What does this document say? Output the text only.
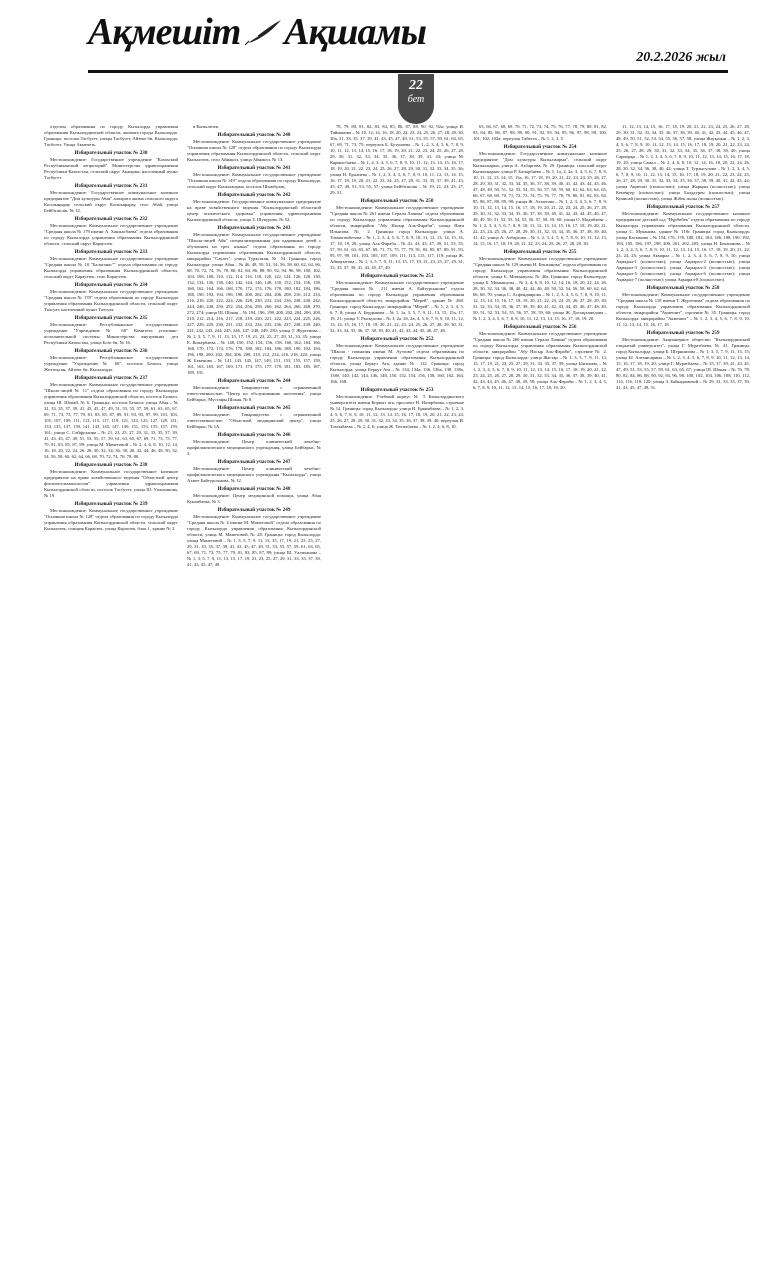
Ақмешіт Ақшамы
20.2.2026 жыл
22
бет

отделом образования по городу Кызылорда управления образования Кызылординской области, акимата города Кызылорда. Границы: поселок Тасбугет, улицы Тасбугет, Айтеке би, Кызылорда, Тасбогет. Улица Акмечеть.

Избирательный участок № 230

Местонахождение: Государственное учреждение "Казахский Республиканский лепрозорий" Министерства здравоохранения Республики Казахстан, сельский округ Акжарма, населенный пункт Тасбугет.

Избирательный участок № 231

Местонахождение: Государственное коммунальное казенное предприятие "Дом культуры Абая" аппарата акима сельского округа Косшыңырау, сельский округ Косшыңырау, село Абай, улица Бейбітшілік, № 12.

Избирательный участок № 232

Местонахождение: Коммунальное государственное учреждение "Средняя школа № 179 имени А. Ханжасбаева" отдела образования по городу Кызылорда управления образования Кызылординской области, сельский округ Карауэзек.

Избирательный участок № 233

Местонахождение: Коммунальное государственное учреждение "Средняя школа № 10 "Балаганас"" отдела образования по городу Кызылорда управления образования Кызылординской области, сельский округ Карауэзек, село Карауэзек.

Избирательный участок № 234

Местонахождение: Коммунальное государственное учреждение "Средняя школа № 178" отдела образования по городу Кызылорда управления образования Кызылординской области, сельский округ Талсуат, населенный пункт Талсуат.

Избирательный участок № 235

Местонахождение: Республиканское государственное учреждение "Учреждение № 68" Комитета уголовно-исполнительной системы Министерства внутренних дел Республики Казахстан, улица Бозе би, № 16.

Избирательный участок № 236

Местонахождение: Республиканское государственное учреждение "Учреждение № 68", поселок Белкөл, улица Желтоқсан, Айтеке би, Кызылорда.

Избирательный участок № 237

Местонахождение: Коммунальное государственное учреждение "Школа-лицей № 11" отдела образования по городу Кызылорда управления образования Кызылординской области, поселок Белкөл, улица Ш. Шокай, № 6. Границы: поселок Белкөл: улица Абая – № 31, 33, 35, 37, 39, 41, 43, 45, 47, 49, 51, 53, 55, 57, 59, 61, 63, 65, 67, 69, 71, 73, 75, 77, 79, 81, 83, 85, 87, 89, 91, 93, 95, 97, 99, 101, 103, 105, 107, 109, 111, 113, 115, 117, 119, 121, 123, 125, 127, 129, 131, 133, 135, 137, 139, 141, 143, 145, 147, 149, 151, 153, 155, 157, 159, 161; улица С. Сейфуллина – № 21, 23, 25, 27, 29, 31, 33, 35, 37, 39, 41, 43, 45, 47, 49, 51, 53, 55, 57, 59, 61, 63, 65, 67, 69, 71, 73, 75, 77, 79, 81, 83, 85, 87, 89; улица М. Маметовой – № 2, 4, 6, 8, 10, 12, 14, 16, 18, 20, 22, 24, 26, 28, 30, 32, 34, 36, 38, 40, 42, 44, 46, 48, 50, 52, 54, 56, 58, 60, 62, 64, 66, 68, 70, 72, 74, 76, 78, 80.

Избирательный участок № 238

Местонахождение: Коммунальное государственное казенное предприятие на праве хозяйственного ведения "Областной центр фтизиопульмонологии" управления здравоохранения Кызылординской области, поселок Тасбугет, улица Ш. Уалиханова, № 19.

Избирательный участок № 239

Местонахождение: Коммунальное государственное учреждение "Основная школа № 128" отдела образования по городу Кызылорда управления образования Кызылординской области, сельский округ Кызылөзек, станция Караозек, улица Караозек, блок 1, здание № 2.

в Кызылөзек.

Избирательный участок № 240

Местонахождение: Коммунальное государственное учреждение "Основная школа № 128" отдела образования по городу Кызылорда управления образования Кызылординской области, сельский округ Кызылөзек, село Айнакөл, улица Айнакөл, № 13.

Избирательный участок № 241

Местонахождение: Коммунальное государственное учреждение "Основная школа № 149" отдела образования по городу Кызылорда, сельский округ Кызылжарма, поселок Шымбулақ.

Избирательный участок № 242

Местонахождение: Государственное коммунальное предприятие на праве хозяйственного ведения "Кызылординский областной центр психического здоровья" управления здравоохранения Кызылординской области, улица З. Шукурова, № 52.

Избирательный участок № 243

Местонахождение: Коммунальное государственное учреждение "Школа-лицей Айя" специализированная для одаренных детей с обучением на трех языках" отдела образования по городу Кызылорда управления образования Кызылординской области, микрорайон "Саулет", улица Турксатан, № 54. Границы: город Кызылорда: улица Абая – № 46, 48, 50, 52, 54, 56, 58, 60, 62, 64, 66, 68, 70, 72, 74, 76, 78, 80, 82, 84, 86, 88, 90, 92, 94, 96, 98, 100, 102, 104, 106, 108, 110, 112, 114, 116, 118, 120, 122, 124, 126, 128, 130, 132, 134, 136, 138, 140, 142, 144, 146, 148, 150, 152, 154, 156, 158, 160, 162, 164, 166, 168, 170, 172, 174, 176, 178, 180, 182, 184, 186, 188, 190, 192, 194, 196, 198, 200, 202, 204, 206, 208, 210, 212, 214, 216, 218, 220, 222, 224, 226, 228, 230, 232, 234, 236, 238, 240, 242, 244, 246, 248, 250, 252, 254, 256, 258, 260, 262, 264, 266, 268, 270, 272, 274; улица Ш. Шокая – № 194, 196, 198, 200, 202, 204, 206, 208, 210, 212, 214, 216, 217, 218, 219, 220, 221, 222, 223, 224, 225, 226, 227, 228, 229, 230, 231, 232, 233, 234, 235, 236, 237, 238, 239, 240, 241, 242, 243, 244, 245, 246, 247, 248, 249, 250; улица Т. Жургенова – № 1, 3, 5, 7, 9, 11, 13, 15, 17, 19, 21, 23, 25, 27, 29, 31, 33, 35; улица Е. Кожербаева – № 148, 150, 152, 154, 156, 158, 160, 162, 164, 166, 168, 170, 172, 174, 176, 178, 180, 182, 184, 186, 188, 190, 192, 194, 196, 198, 200, 202, 204, 206, 208, 210, 212, 214, 216, 218, 220; улица Ж. Бекенова – № 141, 143, 145, 147, 149, 151, 153, 155, 157, 159, 161, 163, 165, 167, 169, 171, 173, 175, 177, 179, 181, 183, 185, 187, 189, 191.

Избирательный участок № 244

Местонахождение: Товарищество с ограниченной ответственностью "Центр по обслуживанию населения", улица Бейбарыс, Мустафы Шокая, № 8.

Избирательный участок № 245

Местонахождение: Товарищество с ограниченной ответственностью "Областной медицинский центр", улица Бейбарыс, № 1А.

Избирательный участок № 246

Местонахождение: Центр клинический лечебно-профилактического медицинского учреждения, улица Бейбарыс, № 3.

Избирательный участок № 247

Местонахождение: Центр клинический лечебно-профилактического медицинского учреждения "Кызылорда", улица Ахмет Байтурсынова, № 12.

Избирательный участок № 248

Местонахождение: Центр медицинской помощи, улица Абая Кунанбаева, № 3.

Избирательный участок № 249

Местонахождение: Коммунальное государственное учреждение "Средняя школа № 4 имени М. Маметовой" отдела образования по городу Кызылорда управления образования Кызылординской области, улица М. Маметовой, № 28. Границы: город Кызылорда: улица Маметовой – № 1, 3, 5, 7, 9, 11, 13, 15, 17, 19, 21, 23, 25, 27, 29, 31, 33, 35, 37, 39, 41, 43, 45, 47, 49, 51, 53, 55, 57, 59, 61, 63, 65, 67, 69, 71, 73, 75, 77, 79, 81, 83, 85, 87, 89; улица Ш. Уалиханова – № 1, 3, 5, 7, 9, 11, 13, 15, 17, 19, 21, 23, 25, 27, 29, 31, 33, 35, 37, 39, 41, 43, 45, 47, 49.

78, 79, 80, 81, 82, 83, 84, 85, 86, 87, 88, 90, 92, 92а; улица И. Тайманова – № 10, 12, 14, 16, 18, 20, 22, 23, 24, 25, 26, 27, 28, 29, 30, 30а, 31, 33, 35, 37, 39, 41, 43, 45, 47, 49, 51, 53, 55, 57, 59, 61, 63, 65, 67, 69, 71, 73, 75; переулок Б. Бутунаева – № 1, 2, 3, 4, 5, 6, 7, 8, 9, 10, 11, 12, 13, 14, 15, 16, 17, 18, 19, 20, 21, 22, 23, 24, 25, 26, 27, 28, 29, 30, 31, 32, 33, 34, 35, 36, 37, 38, 39, 41, 43; улица М. Кармысбаева – № 1, 2, 3, 4, 5, 6, 7, 8, 9, 10, 11, 12, 13, 14, 15, 16, 17, 18, 19, 20, 21, 22, 23, 24, 25, 26, 27, 28, 29, 30, 31, 32, 33, 34, 35, 36; улица Н. Ералиева – № 1, 2, 3, 4, 5, 6, 7, 8, 9, 10, 11, 12, 13, 14, 15, 16, 17, 18, 19, 20, 21, 22, 23, 24, 25, 27, 29, 31, 33, 35, 37, 39, 41, 43, 45, 47, 49, 51, 53, 55, 57; улица Бейбітшілік – № 19, 21, 23, 25, 27, 29, 31.

Избирательный участок № 250

Местонахождение: Коммунальное государственное учреждение "Средняя школа № 261 имени Серали Лапина" отдела образования по городу Кызылорда управления образования Кызылординской области, микрорайон "Абу Насыр Аль-Фараби", улица Нағи Ильясова, № 2. Границы: город Кызылорда: улица А. Токмагамбетова – № 1, 2, 3, 4, 5, 6, 7, 8, 9, 10, 11, 12, 13, 14, 15, 16, 17, 18, 19, 20; улица Аль-Фараби – № 41, 43, 45, 47, 49, 51, 53, 55, 57, 59, 61, 63, 65, 67, 69, 71, 73, 75, 77, 79, 81, 83, 85, 87, 89, 91, 93, 95, 97, 99, 101, 103, 105, 107, 109, 111, 113, 115, 117, 119; улица Ж. Аймауытова – № 1, 3, 5, 7, 9, 11, 13, 15, 17, 19, 21, 23, 25, 27, 29, 31, 33, 35, 37, 39, 41, 43, 45, 47, 49.

Избирательный участок № 251

Местонахождение: Коммунальное государственное учреждение "Средняя школа № 211 имени А. Байтурсынова" отдела образования по городу Кызылорда управления образования Кызылординской области, микрорайон "Мерей", здание № 268. Границы: город Кызылорда: микрорайон "Мерей" – № 1, 2, 3, 4, 5, 6, 7, 8; улица А. Бердыкова – № 1, 1а, 3, 5, 7, 9, 11, 13, 15, 15а, 17, 19, 21; улица Т. Рыскулова – № 1, 2а, 2б, 2в, 4, 5, 6, 7, 8, 9, 10, 11, 12, 13, 14, 15, 16, 17, 18, 19, 20, 21, 22, 23, 24, 25, 26, 27, 28, 29, 30, 31, 32, 33, 34, 35, 36, 37, 38, 39, 40, 41, 42, 43, 44, 45, 46, 47, 48.

Избирательный участок № 252

Местонахождение: Коммунальное государственное учреждение "Школа - гимназия имени М. Ауэзова" отдела образования по городу Кызылорда управления образования Кызылординской области, улица Беркут Ата, здание № 112. Границы: город Кызылорда: улица Беркут Ата – № 134, 134а, 136, 136а, 138, 138а, 138б, 140, 142, 144, 146, 148, 150, 152, 154, 156, 158, 160, 162, 164, 166, 168.

Избирательный участок № 253

Местонахождение: Учебный корпус № 5 Кызылординского университета имени Коркыт ата, проспект Н. Назарбаева, строение № 14. Границы: город Кызылорда: улица И. Еркинбаева – № 1, 2, 3, 4, 5, 6, 7, 8, 9, 10, 11, 12, 13, 14, 15, 16, 17, 18, 19, 20, 21, 22, 23, 24, 25, 26, 27, 28, 29, 30, 31, 32, 33, 34, 35, 36, 37, 38, 39, 40; переулок И. Тохтыбаева – № 2, 4, 6; улица Ж. Тохтыбаева – № 1, 2, 4, 6, 8, 10.

63, 66, 67, 68, 69, 70, 71, 72, 73, 74, 75, 76, 77, 78, 79, 80, 81, 82, 83, 84, 85, 86, 87, 88, 89, 90, 91, 92, 93, 94, 95, 96, 97, 98, 99, 100, 101, 102, 102а; переулок Тайгета – № 1, 2, 3, 5.

Избирательный участок № 254

Местонахождение: Государственное коммунальное казенное предприятие "Дом культуры Кызылжарма", сельский округ Кызылжарма, улица А. Азбаргова, № 29. Границы: сельский округ Кызылжарма: улица Р. Батырбаева – № 1, 1а, 2, 2а, 3, 4, 5, 6, 7, 8, 9, 10, 11, 12, 13, 14, 15, 15а, 16, 17, 18, 19, 20, 21, 22, 23, 24, 25, 26, 27, 28, 29, 30, 31, 32, 33, 34, 35, 36, 37, 38, 39, 40, 41, 42, 43, 44, 45, 46, 47, 48, 49, 50, 51, 52, 53, 54, 55, 56, 57, 58, 59, 60, 61, 62, 63, 64, 65, 66, 67, 68, 69, 70, 71, 72, 73, 74, 75, 76, 77, 78, 79, 80, 81, 82, 83, 84, 85, 86, 87, 88, 89, 90; улица Ж. Ахметова – № 1, 2, 3, 4, 5, 6, 7, 8, 9, 10, 11, 12, 13, 14, 15, 16, 17, 18, 19, 20, 21, 22, 23, 24, 25, 26, 27, 28, 29, 30, 31, 32, 33, 34, 35, 36, 37, 38, 39, 40, 41, 42, 43, 44, 45, 46, 47, 48, 49, 50, 51, 52, 53, 54, 55, 56, 57, 58, 59, 60; улица О. Мадибаева – № 1, 2, 3, 4, 5, 6, 7, 8, 9, 10, 11, 12, 13, 14, 15, 16, 17, 18, 19, 20, 21, 22, 23, 24, 25, 26, 27, 28, 29, 30, 31, 32, 33, 34, 35, 36, 37, 38, 39, 40, 41, 42; улица А. Азбаргова – № 1, 2, 3, 4, 5, 6, 7, 8, 9, 10, 11, 12, 13, 14, 15, 16, 17, 18, 19, 20, 21, 22, 23, 24, 25, 26, 27, 28, 29, 30.

Избирательный участок № 255

Местонахождение: Коммунальное государственное учреждение "Средняя школа № 129 имени Н. Бекжанова" отдела образования по городу Кызылорда управления образования Кызылординской области, улица Б. Момышулы, № 46а. Границы: город Кызылорда: улица Б. Момышулы – № 2, 4, 6, 8, 10, 12, 14, 16, 18, 20, 22, 24, 26, 28, 30, 32, 34, 36, 38, 40, 42, 44, 46, 48, 50, 52, 54, 56, 58, 60, 62, 64, 66, 68, 70; улица С. Асфендиярова – № 1, 2, 3, 4, 5, 6, 7, 8, 9, 10, 11, 12, 13, 14, 15, 16, 17, 18, 19, 20, 21, 22, 23, 24, 25, 26, 27, 28, 29, 30, 31, 32, 33, 34, 35, 36, 37, 38, 39, 40, 41, 42, 43, 44, 45, 46, 47, 48, 49, 50, 51, 52, 53, 54, 55, 56, 57, 58, 59, 60; улица Ж. Досмұхамедова – № 1, 2, 3, 4, 5, 6, 7, 8, 9, 10, 11, 12, 13, 14, 15, 16, 17, 18, 19, 20.

Избирательный участок № 256

Местонахождение: Коммунальное государственное учреждение "Средняя школа № 260 имени Серали Лапина" отдела образования по городу Кызылорда управления образования Кызылординской области, микрорайон "Абу Насыр Аль-Фараби", строение № 2. Границы: город Кызылорда: улица Жастар – № 1, 3, 5, 7, 9, 11, 13, 15, 17, 19, 21, 23, 25, 27, 29, 31, 33, 35, 37, 39; улица Ынтымақ – № 1, 2, 3, 4, 5, 6, 7, 8, 9, 10, 11, 12, 13, 14, 15, 16, 17, 18, 19, 20, 21, 22, 23, 24, 25, 26, 27, 28, 29, 30, 31, 32, 33, 34, 35, 36, 37, 38, 39, 40, 41, 42, 43, 44, 45, 46, 47, 48, 49, 50; улица Аль-Фараби – № 1, 2, 3, 4, 5, 6, 7, 8, 9, 10, 11, 12, 13, 14, 15, 16, 17, 18, 19, 20.

11, 12, 13, 14, 15, 16, 17, 18, 19, 20, 21, 22, 23, 24, 25, 26, 27, 28, 29, 30, 31, 32, 33, 34, 35, 36, 37, 38, 39, 40, 41, 42, 43, 44, 45, 46, 47, 48, 49, 50, 51, 52, 53, 54, 55, 56, 57, 58; улица Жауқазын – № 1, 2, 3, 4, 5, 6, 7, 8, 9, 10, 11, 12, 13, 14, 15, 16, 17, 18, 19, 20, 21, 22, 23, 24, 25, 26, 27, 28, 29, 30, 31, 32, 33, 34, 35, 36, 37, 38, 39, 40; улица Сарыарқа – № 1, 2, 3, 4, 5, 6, 7, 8, 9, 10, 11, 12, 13, 14, 15, 16, 17, 18, 19, 20; улица Самал – № 2, 4, 6, 8, 10, 12, 14, 16, 18, 20, 22, 24, 26, 28, 30, 32, 34, 36, 38, 40, 42; улица Т. Турлыгулова – № 1, 2, 3, 4, 5, 6, 7, 8, 9, 10, 11, 12, 13, 14, 15, 16, 17, 18, 19, 20, 21, 22, 23, 24, 25, 26, 27, 28, 29, 30, 31, 32, 33, 34, 35, 36, 37, 38, 39, 40, 41, 42, 43, 44; улица Ақмешіт (полностью); улица Жарқын (полностью); улица Кемеңгер (полностью); улица Балдәурен (полностью); улица Кумисай (полностью); улица Жібек жолы (полностью).

Избирательный участок № 257

Местонахождение: Коммунальное государственное казенное предприятие детский сад "Нұрбөбек" отдела образования по городу Кызылорда управления образования Кызылординской области, улица С. Муканова, здание № 110г. Границы: город Кызылорда: улица Касымова – № 154, 176, 178, 180, 182, 184, 186, 188, 190, 192, 194, 195, 196, 197, 198, 200, 201, 202, 205; улица Н. Бекжанова – № 1, 2, 3, 4, 5, 6, 7, 8, 9, 10, 11, 12, 13, 14, 15, 16, 17, 18, 19, 20, 21, 22, 23, 24, 25; улица Акмарал – № 1, 2, 3, 4, 5, 6, 7, 8, 9, 10; улица Ақмарал-1 (полностью); улица Ақмарал-2 (полностью); улица Ақмарал-3 (полностью); улица Ақмарал-4 (полностью); улица Ақмарал-5 (полностью); улица Ақмарал-6 (полностью); улица Ақмарал-7 (полностью); улица Ақмарал-8 (полностью).

Избирательный участок № 258

Местонахождение: Коммунальное государственное учреждение "Средняя школа № 118 имени Т. Жургенова" отдела образования по городу Кызылорда управления образования Кызылординской области, микрорайон "Акмешит", строение № 35. Границы: город Кызылорда: микрорайон "Акмешит" – № 1, 2, 3, 4, 5, 6, 7, 8, 9, 10, 11, 12, 13, 14, 15, 16, 17, 18.

Избирательный участок № 259

Местонахождение: Акционерное общество "Кызылординский открытый университет", улица Г. Муратбаева, № 41. Границы: город Кызылорда: улица Б. Шерниязова – № 1, 3, 5, 7, 9, 11, 13, 15; улица Ы. Алтынсарина – № 1, 2, 3, 4, 5, 6, 7, 8, 9, 10, 11, 12, 13, 14, 15, 16, 17, 18, 19, 20; улица Г. Муратбаева – № 35, 37, 39, 41, 43, 45, 47, 49, 51, 53, 55, 57, 59, 61, 63, 65, 67; улица Ш. Шокая – № 76, 78, 80, 82, 84, 86, 88, 90, 92, 94, 96, 98, 100, 102, 104, 106, 108, 110, 112, 114, 116, 118, 120; улица З. Байкадамовой – № 29, 31, 33, 35, 37, 39, 41, 43, 45, 47, 49, 51.
